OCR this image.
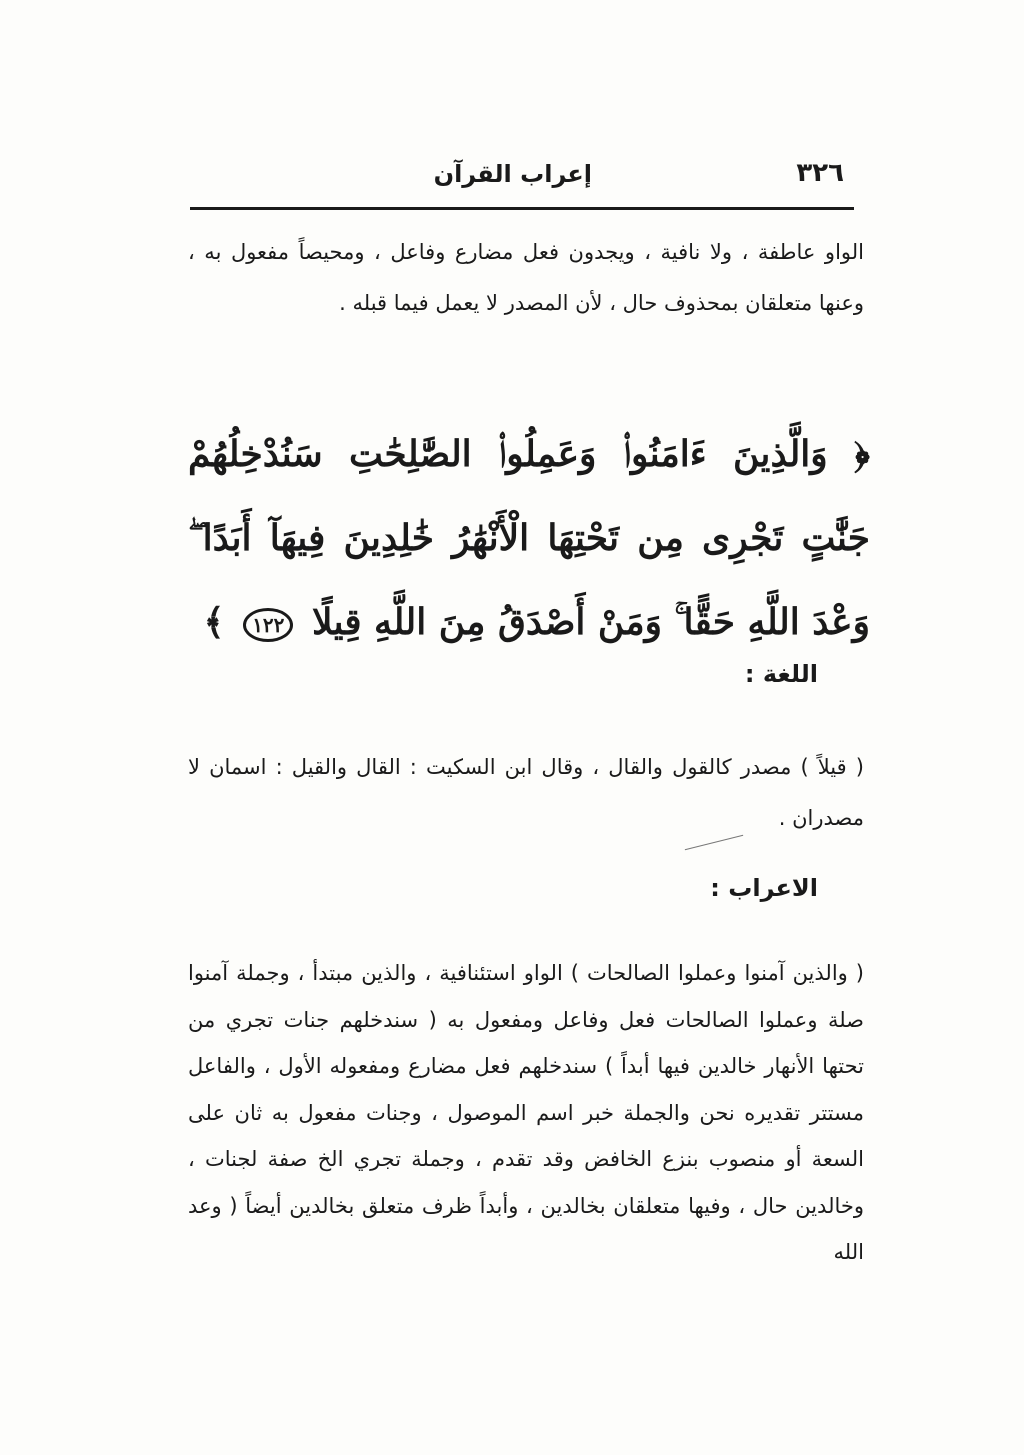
٣٢٦
إعراب القرآن

الواو عاطفة ، ولا نافية ، ويجدون فعل مضارع وفاعل ، ومحيصاً مفعول به ، وعنها متعلقان بمحذوف حال ، لأن المصدر لا يعمل فيما قبله .

﴿ وَالَّذِينَ ءَامَنُوا۟ وَعَمِلُوا۟ الصَّٰلِحَٰتِ سَنُدْخِلُهُمْ جَنَّٰتٍ تَجْرِى مِن تَحْتِهَا الْأَنْهَٰرُ خَٰلِدِينَ فِيهَآ أَبَدًا ۖ وَعْدَ اللَّهِ حَقًّا ۚ وَمَنْ أَصْدَقُ مِنَ اللَّهِ قِيلًا ١٢٢ ﴾
اللغة :

( قيلاً ) مصدر كالقول والقال ، وقال ابن السكيت : القال والقيل : اسمان لا مصدران .

الاعراب :

( والذين آمنوا وعملوا الصالحات ) الواو استئنافية ، والذين مبتدأ ، وجملة آمنوا صلة وعملوا الصالحات فعل وفاعل ومفعول به ( سندخلهم جنات تجري من تحتها الأنهار خالدين فيها أبداً ) سندخلهم فعل مضارع ومفعوله الأول ، والفاعل مستتر تقديره نحن والجملة خبر اسم الموصول ، وجنات مفعول به ثان على السعة أو منصوب بنزع الخافض وقد تقدم ، وجملة تجري الخ صفة لجنات ، وخالدين حال ، وفيها متعلقان بخالدين ، وأبداً ظرف متعلق بخالدين أيضاً ( وعد الله
